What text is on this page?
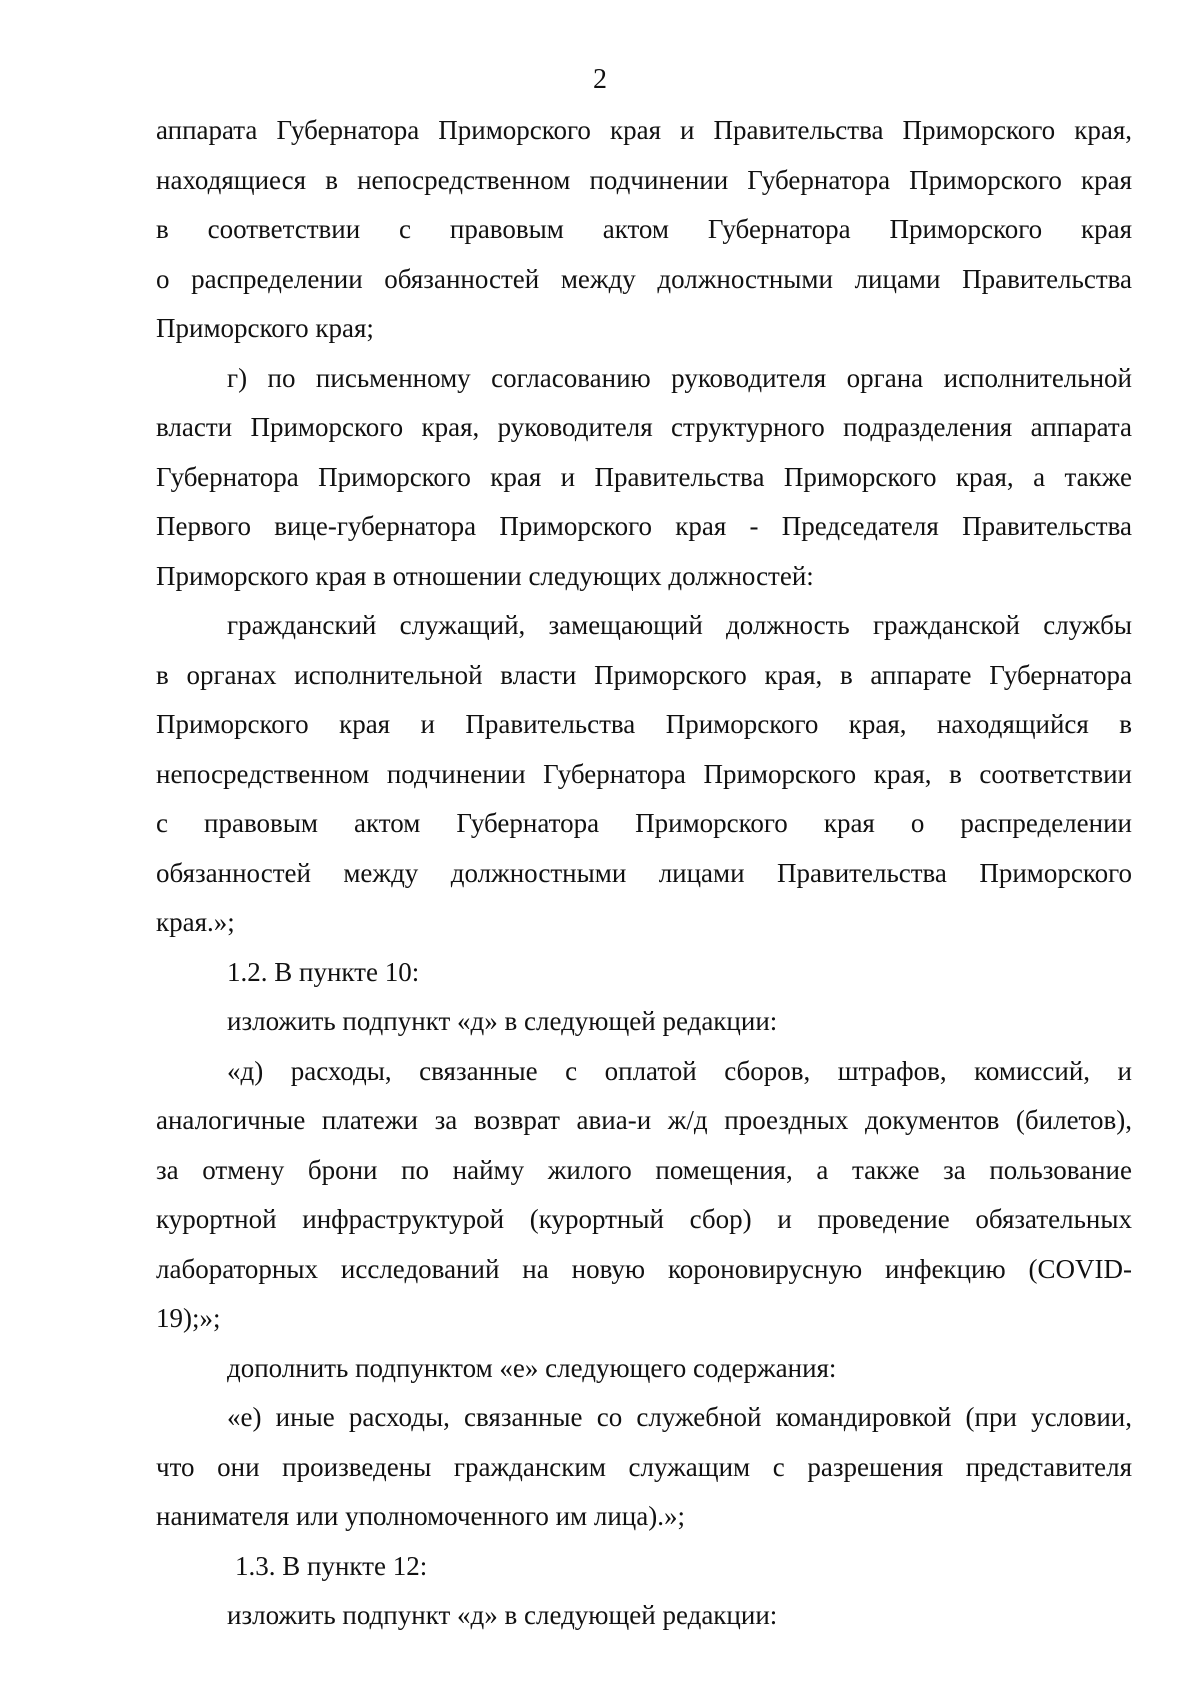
2
аппарата Губернатора Приморского края и Правительства Приморского края,
находящиеся в непосредственном подчинении Губернатора Приморского края
в соответствии с правовым актом Губернатора Приморского края
о распределении обязанностей между должностными лицами Правительства
Приморского края;
г) по письменному согласованию руководителя органа исполнительной
власти Приморского края, руководителя структурного подразделения аппарата
Губернатора Приморского края и Правительства Приморского края, а также
Первого вице-губернатора Приморского края - Председателя Правительства
Приморского края в отношении следующих должностей:
гражданский служащий, замещающий должность гражданской службы
в органах исполнительной власти Приморского края, в аппарате Губернатора
Приморского края и Правительства Приморского края, находящийся в
непосредственном подчинении Губернатора Приморского края, в соответствии
с правовым актом Губернатора Приморского края о распределении
обязанностей между должностными лицами Правительства Приморского
края.»;
1.2. В пункте 10:
изложить подпункт «д» в следующей редакции:
«д) расходы, связанные с оплатой сборов, штрафов, комиссий, и
аналогичные платежи за возврат авиа-и ж/д проездных документов (билетов),
за отмену брони по найму жилого помещения, а также за пользование
курортной инфраструктурой (курортный сбор) и проведение обязательных
лабораторных исследований на новую короновирусную инфекцию (COVID-
19);»;
дополнить подпунктом «е» следующего содержания:
«е) иные расходы, связанные со служебной командировкой (при условии,
что они произведены гражданским служащим с разрешения представителя
нанимателя или уполномоченного им лица).»;
1.3. В пункте 12:
изложить подпункт «д» в следующей редакции:
